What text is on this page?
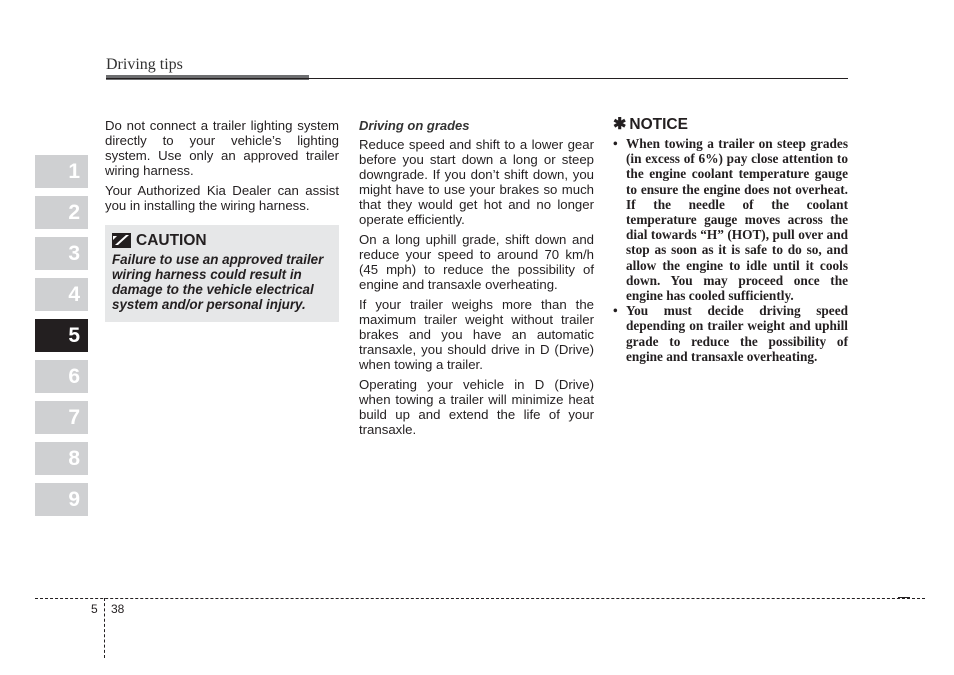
Driving tips
1
2
3
4
5
6
7
8
9

Do not connect a trailer lighting system directly to your vehicle’s lighting system. Use only an approved trailer wiring harness.

Your Authorized Kia Dealer can assist you in installing the wiring harness.

CAUTION
Failure to use an approved trailer wiring harness could result in damage to the vehicle electrical system and/or personal injury.
Driving on grades

Reduce speed and shift to a lower gear before you start down a long or steep downgrade. If you don’t shift down, you might have to use your brakes so much that they would get hot and no longer operate efficiently.

On a long uphill grade, shift down and reduce your speed to around 70 km/h (45 mph) to reduce the possibility of engine and transaxle overheating.

If your trailer weighs more than the maximum trailer weight without trailer brakes and you have an automatic transaxle, you should drive in D (Drive) when towing a trailer.

Operating your vehicle in D (Drive) when towing a trailer will minimize heat build up and extend the life of your transaxle.

✱ NOTICE
• When towing a trailer on steep grades (in excess of 6%) pay close attention to the engine coolant temperature gauge to ensure the engine does not overheat. If the needle of the coolant temperature gauge moves across the dial towards “H” (HOT), pull over and stop as soon as it is safe to do so, and allow the engine to idle until it cools down. You may proceed once the engine has cooled sufficiently.
• You must decide driving speed depending on trailer weight and uphill grade to reduce the possibility of engine and transaxle overheating.
5 38
